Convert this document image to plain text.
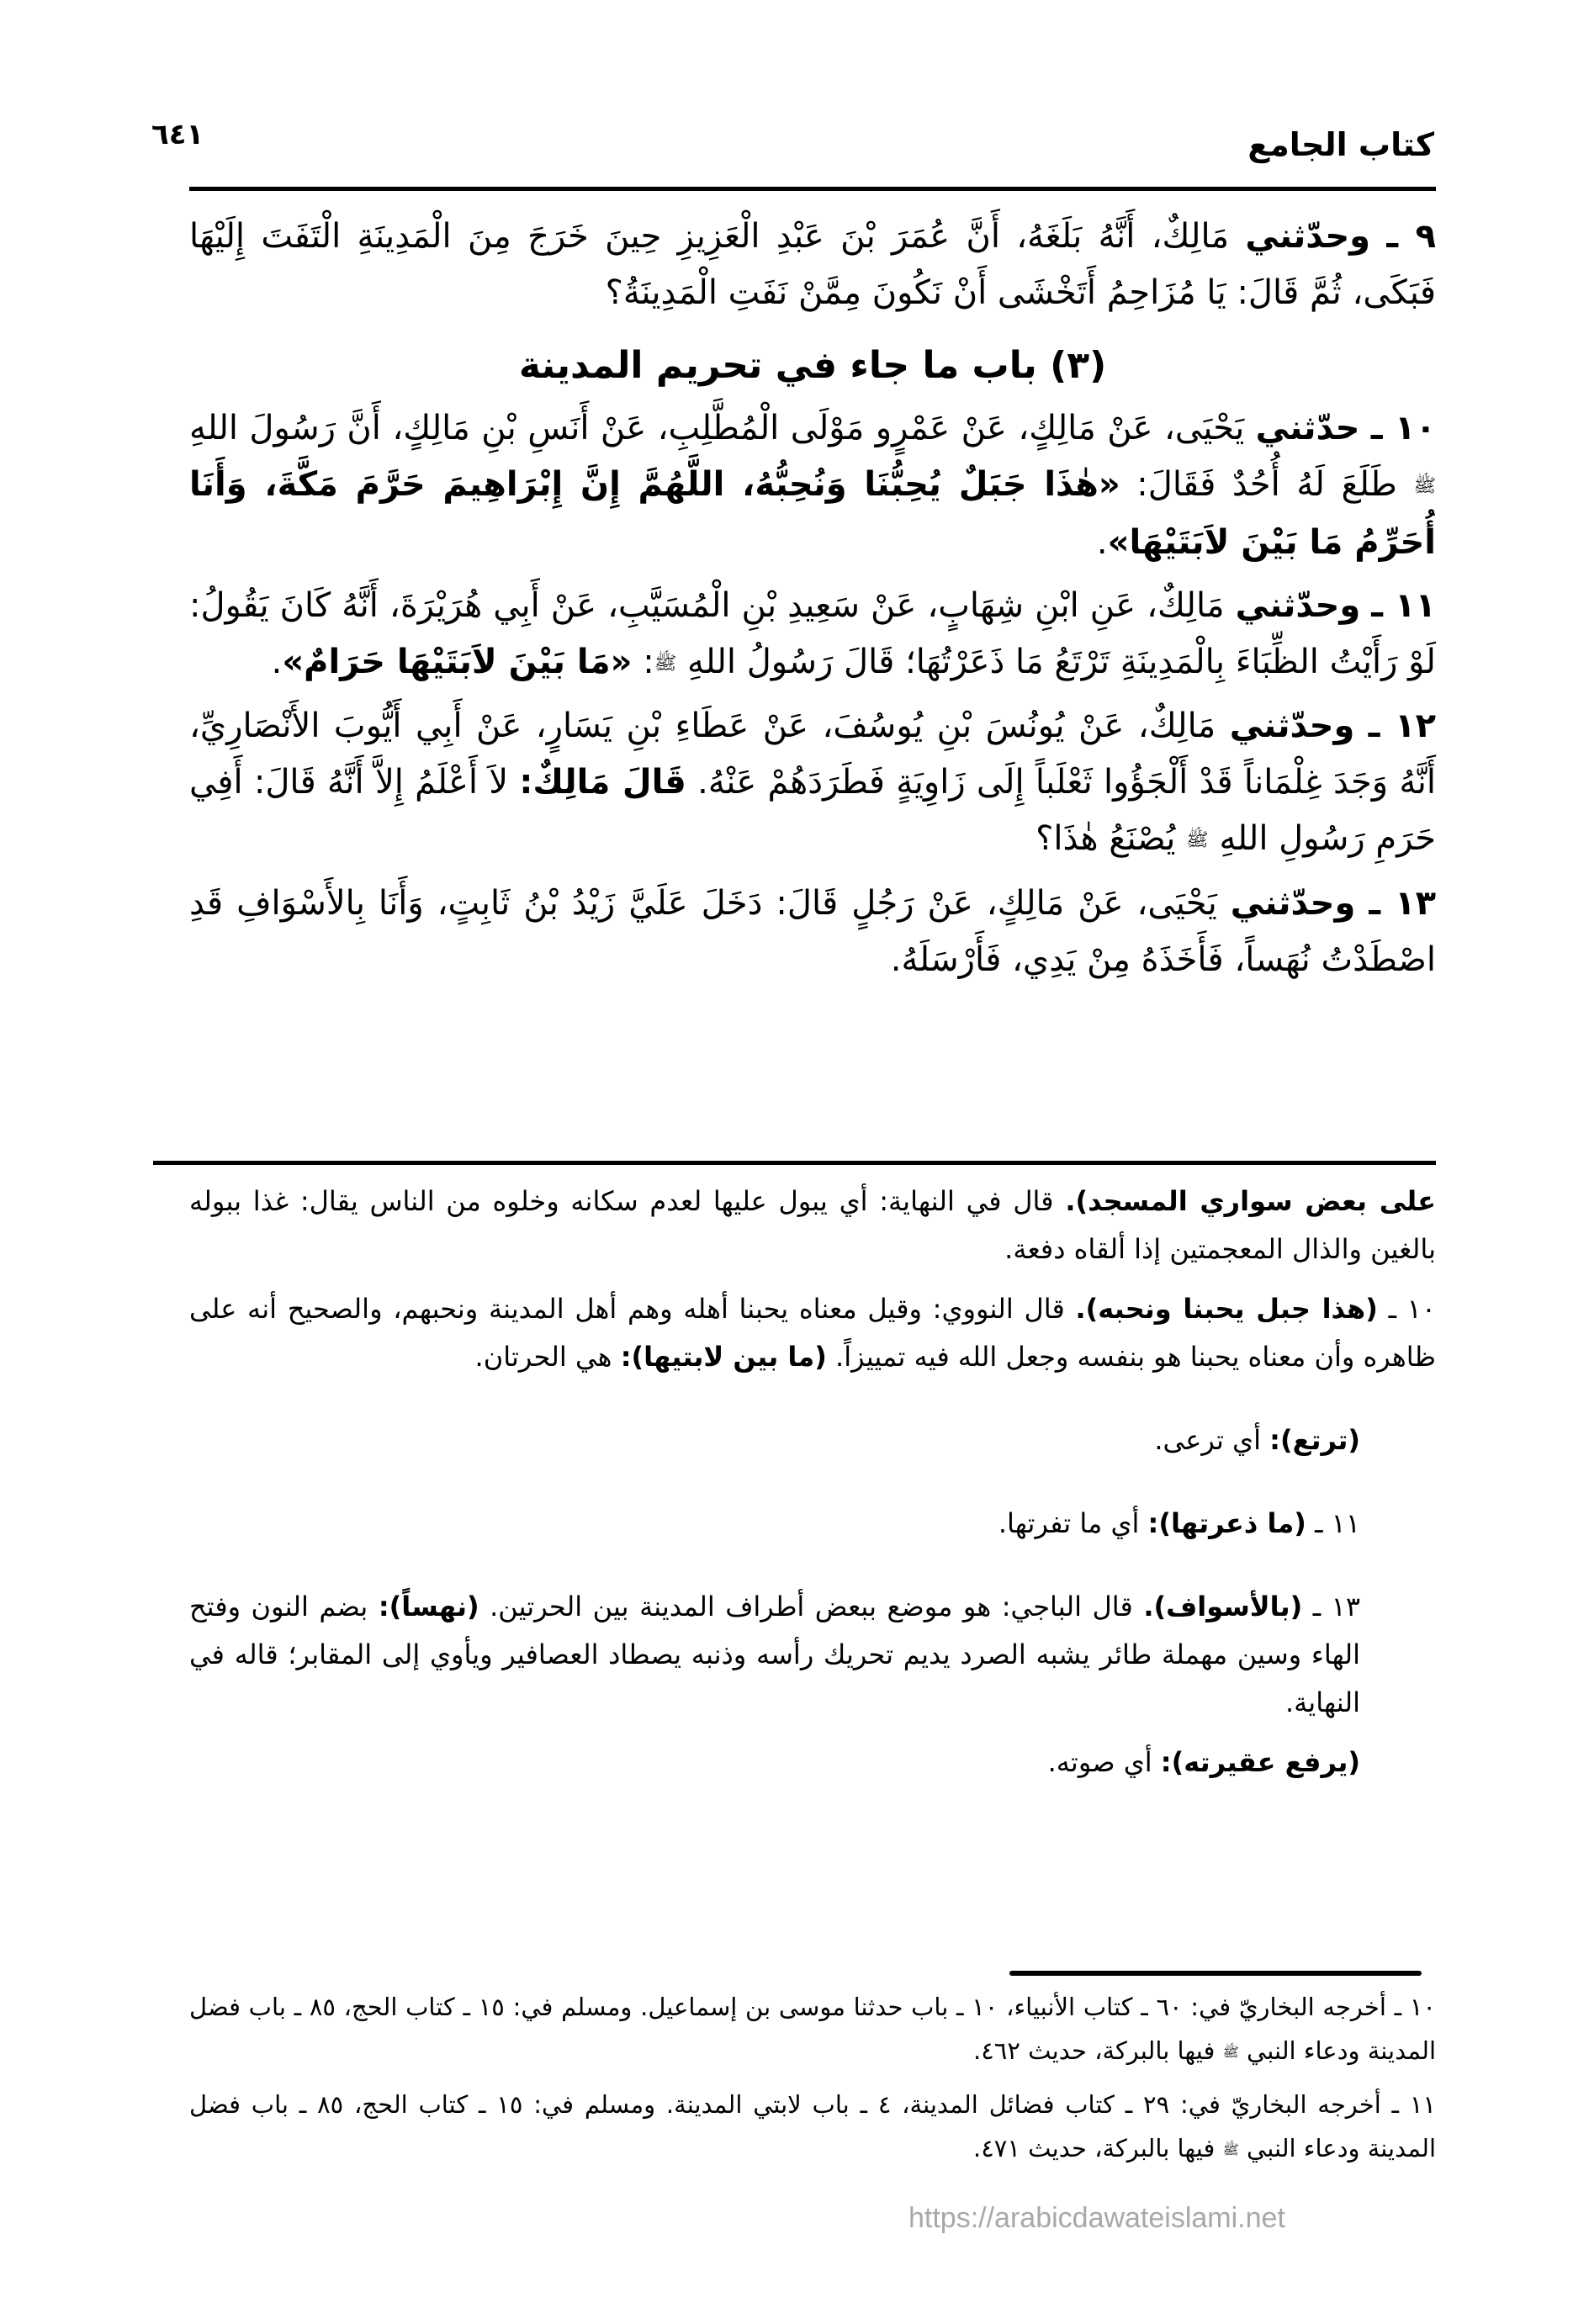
كتاب الجامع
٦٤١

٩ ـ وحدّثني مَالِكٌ، أَنَّهُ بَلَغَهُ، أَنَّ عُمَرَ بْنَ عَبْدِ الْعَزِيزِ حِينَ خَرَجَ مِنَ الْمَدِينَةِ الْتَفَتَ إِلَيْهَا فَبَكَى، ثُمَّ قَالَ: يَا مُزَاحِمُ أَتَخْشَى أَنْ نَكُونَ مِمَّنْ نَفَتِ الْمَدِينَةُ؟

(٣) باب ما جاء في تحريم المدينة

١٠ ـ حدّثني يَحْيَى، عَنْ مَالِكٍ، عَنْ عَمْرٍو مَوْلَى الْمُطَّلِبِ، عَنْ أَنَسِ بْنِ مَالِكٍ، أَنَّ رَسُولَ اللهِ ﷺ طَلَعَ لَهُ أُحُدٌ فَقَالَ: «هٰذَا جَبَلٌ يُحِبُّنَا وَنُحِبُّهُ، اللَّهُمَّ إِنَّ إِبْرَاهِيمَ حَرَّمَ مَكَّةَ، وَأَنَا أُحَرِّمُ مَا بَيْنَ لاَبَتَيْهَا».

١١ ـ وحدّثني مَالِكٌ، عَنِ ابْنِ شِهَابٍ، عَنْ سَعِيدِ بْنِ الْمُسَيَّبِ، عَنْ أَبِي هُرَيْرَةَ، أَنَّهُ كَانَ يَقُولُ: لَوْ رَأَيْتُ الظِّبَاءَ بِالْمَدِينَةِ تَرْتَعُ مَا ذَعَرْتُهَا؛ قَالَ رَسُولُ اللهِ ﷺ: «مَا بَيْنَ لاَبَتَيْهَا حَرَامٌ».

١٢ ـ وحدّثني مَالِكٌ، عَنْ يُونُسَ بْنِ يُوسُفَ، عَنْ عَطَاءِ بْنِ يَسَارٍ، عَنْ أَبِي أَيُّوبَ الأَنْصَارِيِّ، أَنَّهُ وَجَدَ غِلْمَاناً قَدْ أَلْجَؤُوا ثَعْلَباً إِلَى زَاوِيَةٍ فَطَرَدَهُمْ عَنْهُ. قَالَ مَالِكٌ: لاَ أَعْلَمُ إِلاَّ أَنَّهُ قَالَ: أَفِي حَرَمِ رَسُولِ اللهِ ﷺ يُصْنَعُ هٰذَا؟

١٣ ـ وحدّثني يَحْيَى، عَنْ مَالِكٍ، عَنْ رَجُلٍ قَالَ: دَخَلَ عَلَيَّ زَيْدُ بْنُ ثَابِتٍ، وَأَنَا بِالأَسْوَافِ قَدِ اصْطَدْتُ نُهَساً، فَأَخَذَهُ مِنْ يَدِي، فَأَرْسَلَهُ.

على بعض سواري المسجد). قال في النهاية: أي يبول عليها لعدم سكانه وخلوه من الناس يقال: غذا ببوله بالغين والذال المعجمتين إذا ألقاه دفعة.

١٠ ـ (هذا جبل يحبنا ونحبه). قال النووي: وقيل معناه يحبنا أهله وهم أهل المدينة ونحبهم، والصحيح أنه على ظاهره وأن معناه يحبنا هو بنفسه وجعل الله فيه تمييزاً. (ما بين لابتيها): هي الحرتان.

(ترتع): أي ترعى.

١١ ـ (ما ذعرتها): أي ما تفرتها.

١٣ ـ (بالأسواف). قال الباجي: هو موضع ببعض أطراف المدينة بين الحرتين. (نهساً): بضم النون وفتح الهاء وسين مهملة طائر يشبه الصرد يديم تحريك رأسه وذنبه يصطاد العصافير ويأوي إلى المقابر؛ قاله في النهاية.

(يرفع عقيرته): أي صوته.

١٠ ـ أخرجه البخاريّ في: ٦٠ ـ كتاب الأنبياء، ١٠ ـ باب حدثنا موسى بن إسماعيل. ومسلم في: ١٥ ـ كتاب الحج، ٨٥ ـ باب فضل المدينة ودعاء النبي ﷺ فيها بالبركة، حديث ٤٦٢.

١١ ـ أخرجه البخاريّ في: ٢٩ ـ كتاب فضائل المدينة، ٤ ـ باب لابتي المدينة. ومسلم في: ١٥ ـ كتاب الحج، ٨٥ ـ باب فضل المدينة ودعاء النبي ﷺ فيها بالبركة، حديث ٤٧١.

https://arabicdawateislami.net
